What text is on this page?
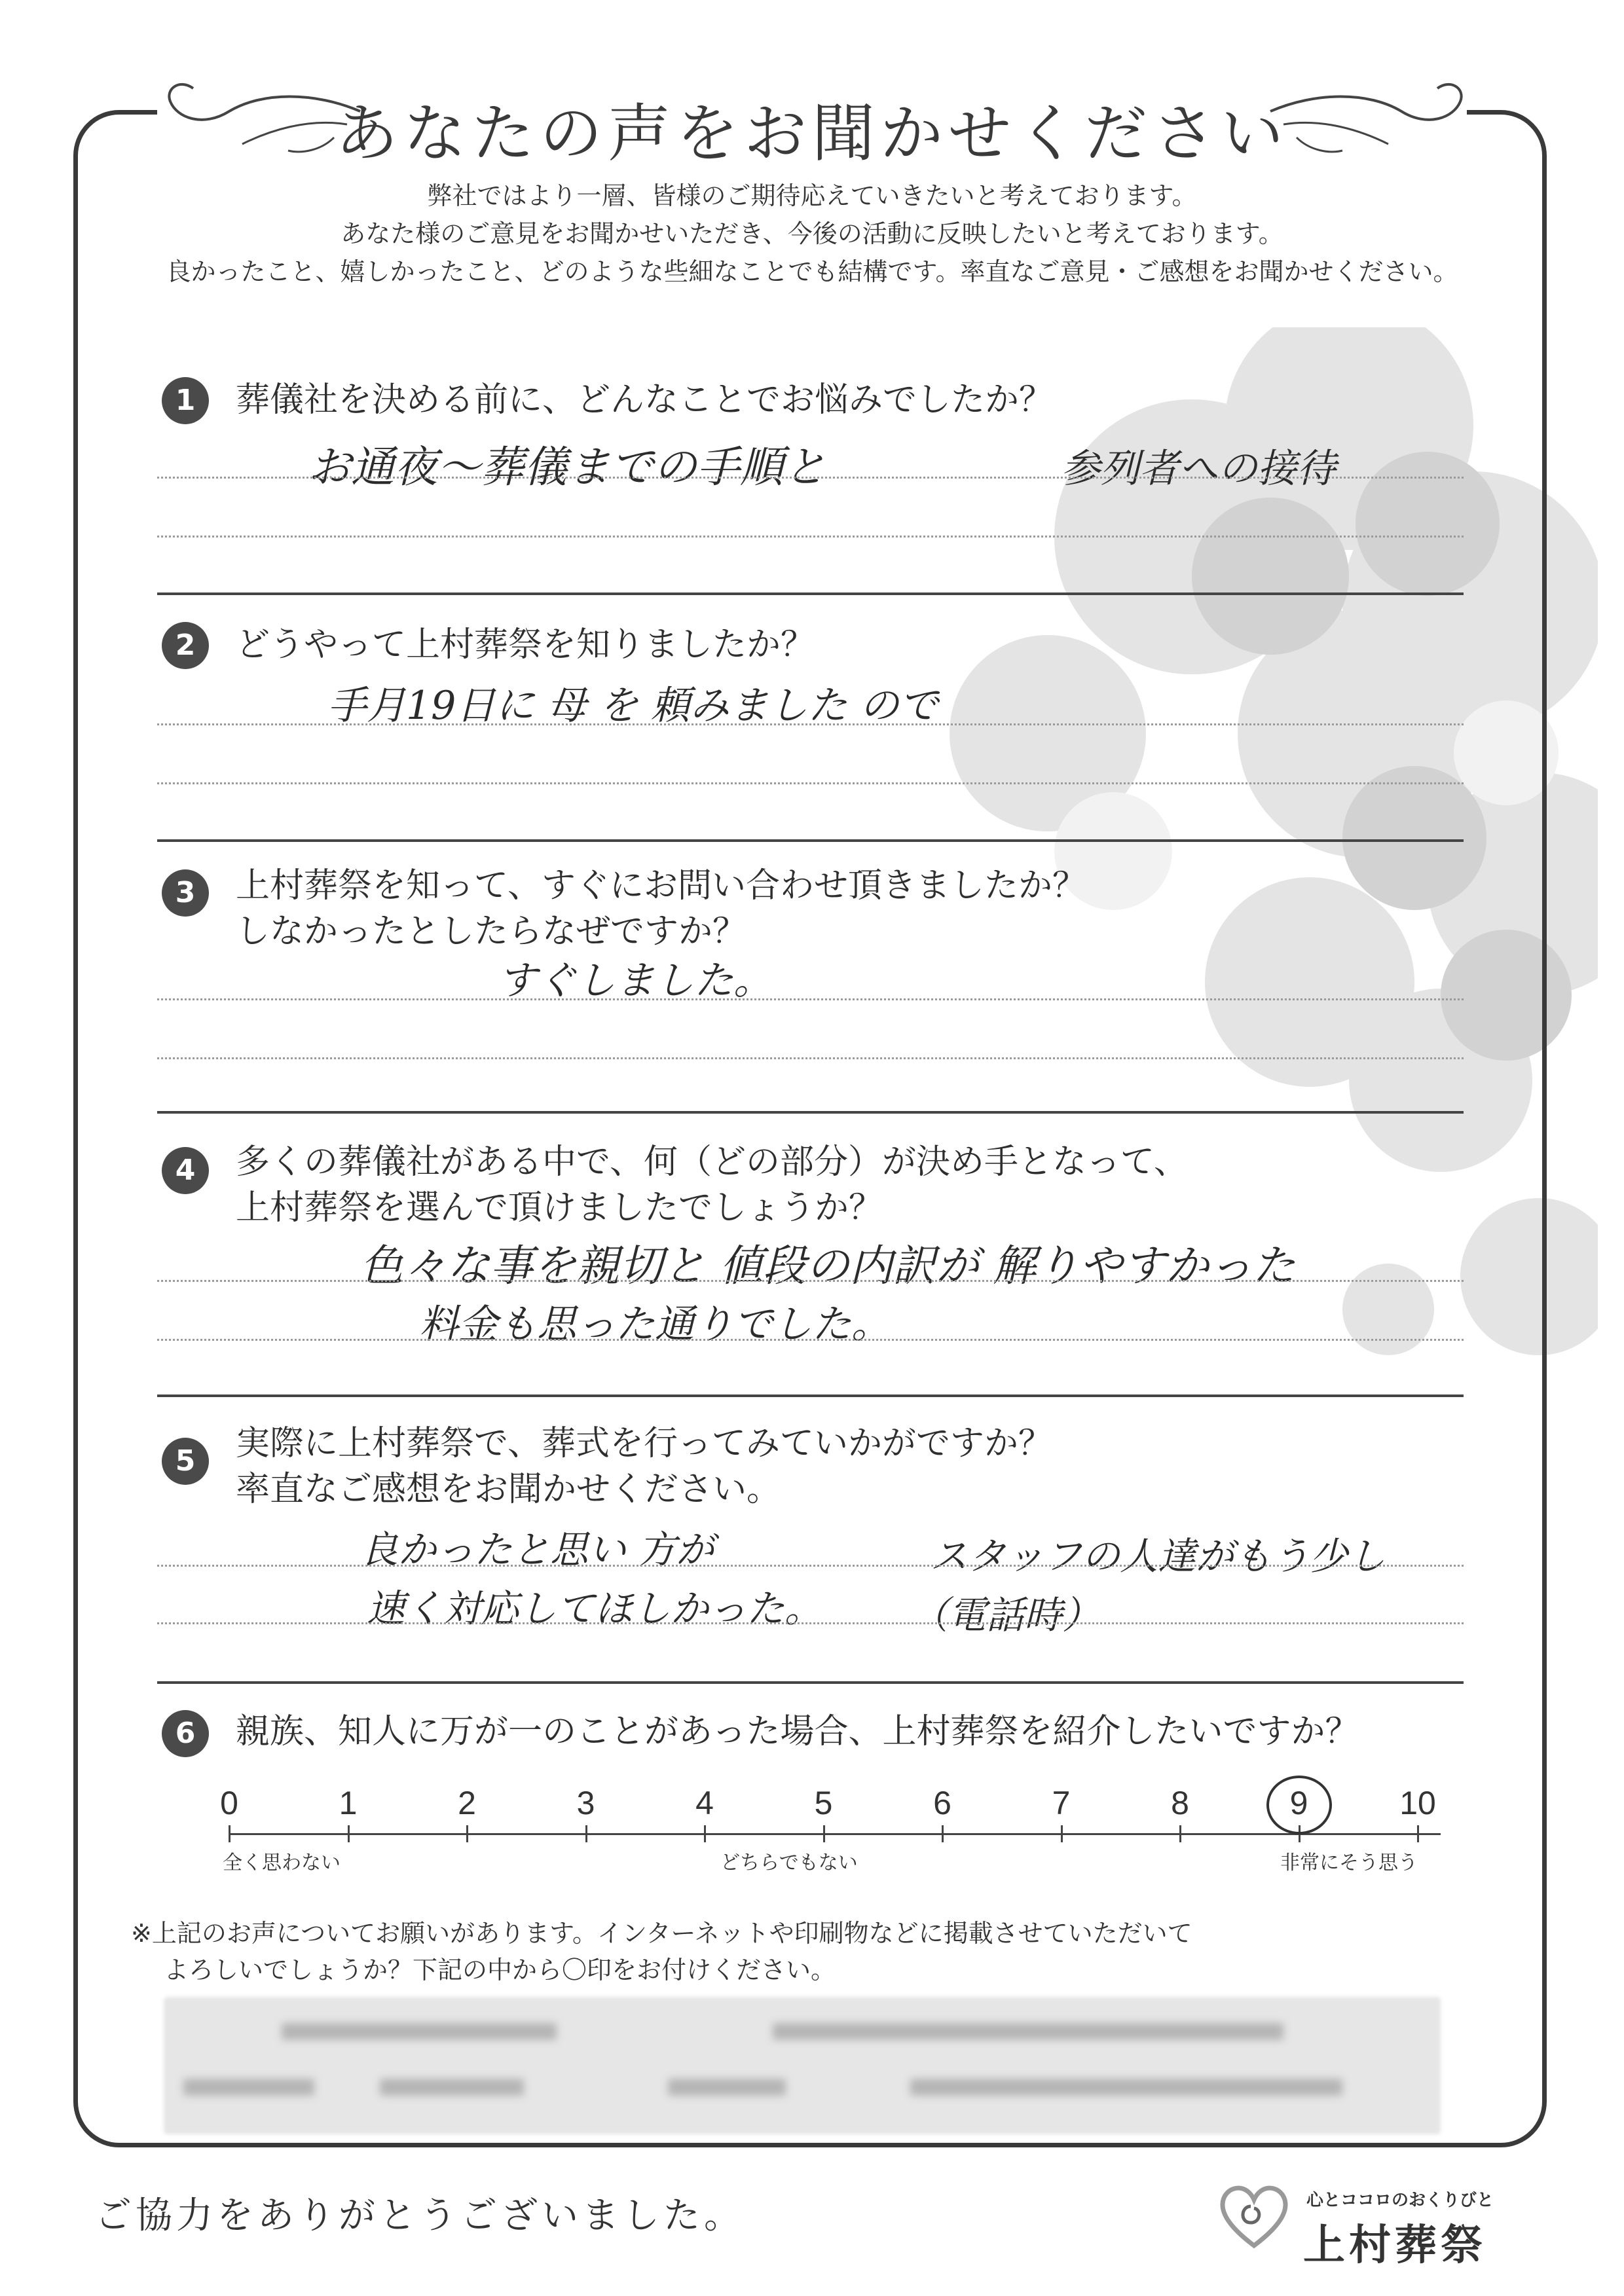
あなたの声をお聞かせください
弊社ではより一層、皆様のご期待応えていきたいと考えております。
あなた様のご意見をお聞かせいただき、今後の活動に反映したいと考えております。
良かったこと、嬉しかったこと、どのような些細なことでも結構です。率直なご意見・ご感想をお聞かせください。
1	葬儀社を決める前に、どんなことでお悩みでしたか？
お通夜～葬儀までの手順と	参列者への接待
2	どうやって上村葬祭を知りましたか？
手月19日に 母 を 頼みました ので
3	上村葬祭を知って、すぐにお問い合わせ頂きましたか？
しなかったとしたらなぜですか？
すぐしました。
4	多くの葬儀社がある中で、何（どの部分）が決め手となって、
上村葬祭を選んで頂けましたでしょうか？
色々な事を親切と 値段の内訳が 解りやすかった
料金も思った通りでした。
5	実際に上村葬祭で、葬式を行ってみていかがですか？
率直なご感想をお聞かせください。
良かったと思い 方が	スタッフの人達がもう少し
速く対応してほしかった。 （電話時）
6	親族、知人に万が一のことがあった場合、上村葬祭を紹介したいですか？
0	1	2	3	4	5	6	7	8	9	10
全く思わない	どちらでもない	非常にそう思う
※上記のお声についてお願いがあります。インターネットや印刷物などに掲載させていただいて
よろしいでしょうか？下記の中から〇印をお付けください。
ご協力をありがとうございました。	心とココロのおくりびと
上村葬祭
